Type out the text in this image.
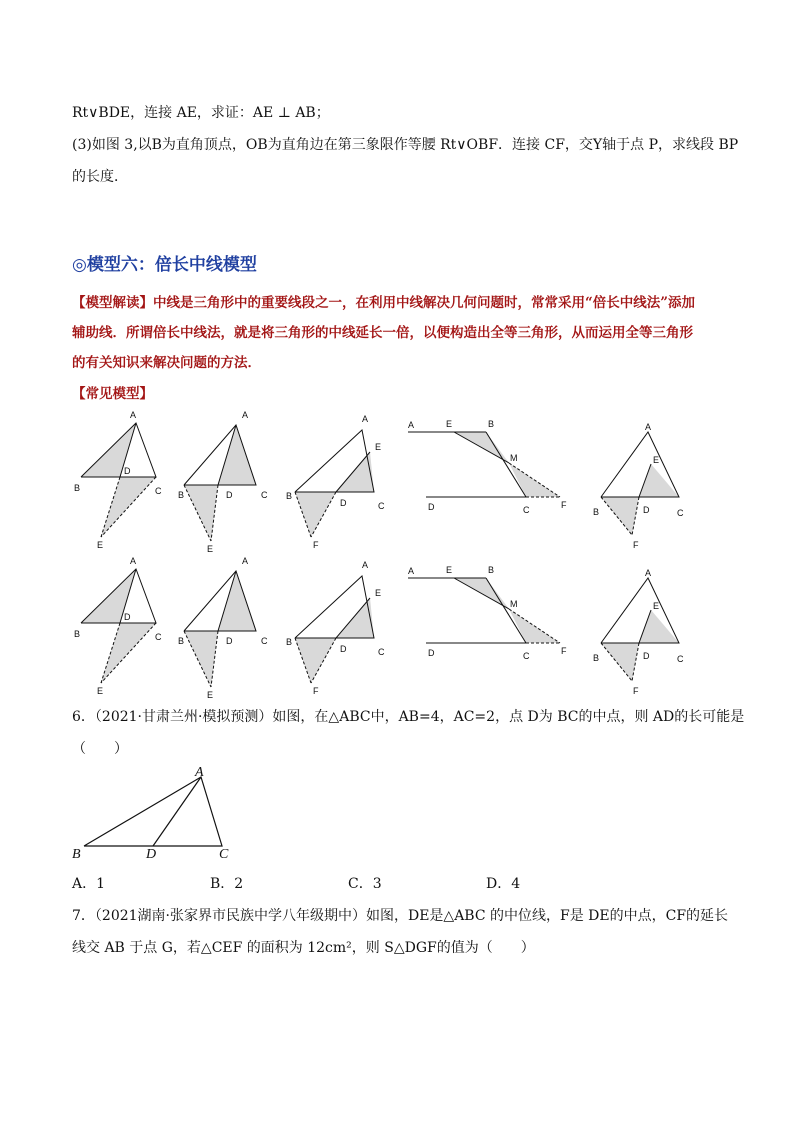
Rt∨BDE，连接 AE，求证：AE ⊥ AB；
(3)如图 3,以B为直角顶点，OB为直角边在第三象限作等腰 Rt∨OBF．连接 CF，交Y轴于点 P，求线段 BP
的长度．
◎模型六：倍长中线模型
【模型解读】中线是三角形中的重要线段之一，在利用中线解决几何问题时，常常采用“倍长中线法”添加
辅助线．所谓倍长中线法，就是将三角形的中线延长一倍，以便构造出全等三角形，从而运用全等三角形
的有关知识来解决问题的方法．
【常见模型】
A
B	C
D
E
A
B	C
D
E
A
B
C
D
E
F
A	E	B
M
D	C	F
A
E
B	D	C
F
A
B	C
D
E
A
B	C
D
E
A
B
C
D
E
F
A	E	B
M
D	C	F
A
E
B	D	C
F
A
B	D	C
6．（2021·甘肃兰州·模拟预测）如图，在△ABC中，AB=4，AC=2，点 D为 BC的中点，则 AD的长可能是
（　　）
A．1	B．2	C．3	D．4
7．（2021湖南·张家界市民族中学八年级期中）如图，DE是△ABC 的中位线，F是 DE的中点，CF的延长
线交 AB 于点 G，若△CEF 的面积为 12cm²，则 S△DGF的值为（　　）
